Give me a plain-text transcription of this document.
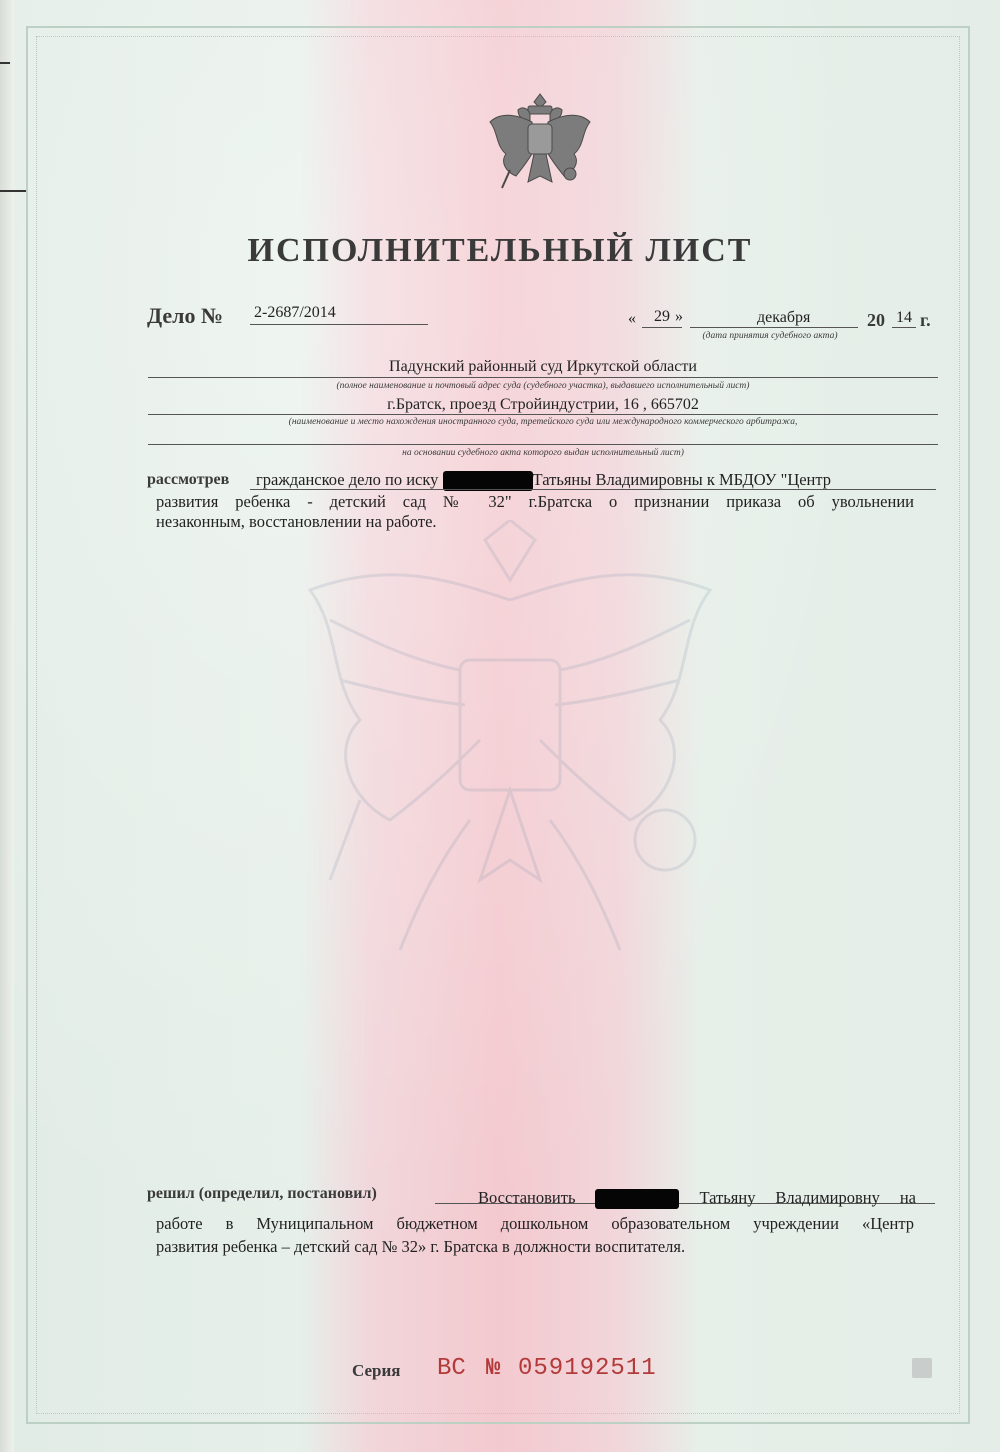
ИСПОЛНИТЕЛЬНЫЙ ЛИСТ
Дело № 2-2687/2014	« 29 »	декабря	20 14 г.
(дата принятия судебного акта)
Падунский районный суд Иркутской области
(полное наименование и почтовый адрес суда (судебного участка), выдавшего исполнительный лист)
г.Братск, проезд Стройиндустрии, 16 , 665702
(наименование и место нахождения иностранного суда, третейского суда или международного коммерческого арбитража,
на основании судебного акта которого выдан исполнительный лист)
рассмотрев гражданское дело по иску	Татьяны Владимировны к МБДОУ "Центр
развития ребенка - детский сад № 32" г.Братска о признании приказа об увольнении
незаконным, восстановлении на работе.
решил (определил, постановил)	Восстановить	Татьяну Владимировну на
работе в Муниципальном бюджетном дошкольном образовательном учреждении «Центр
развития ребенка – детский сад № 32» г. Братска в должности воспитателя.
Серия ВС № 059192511
